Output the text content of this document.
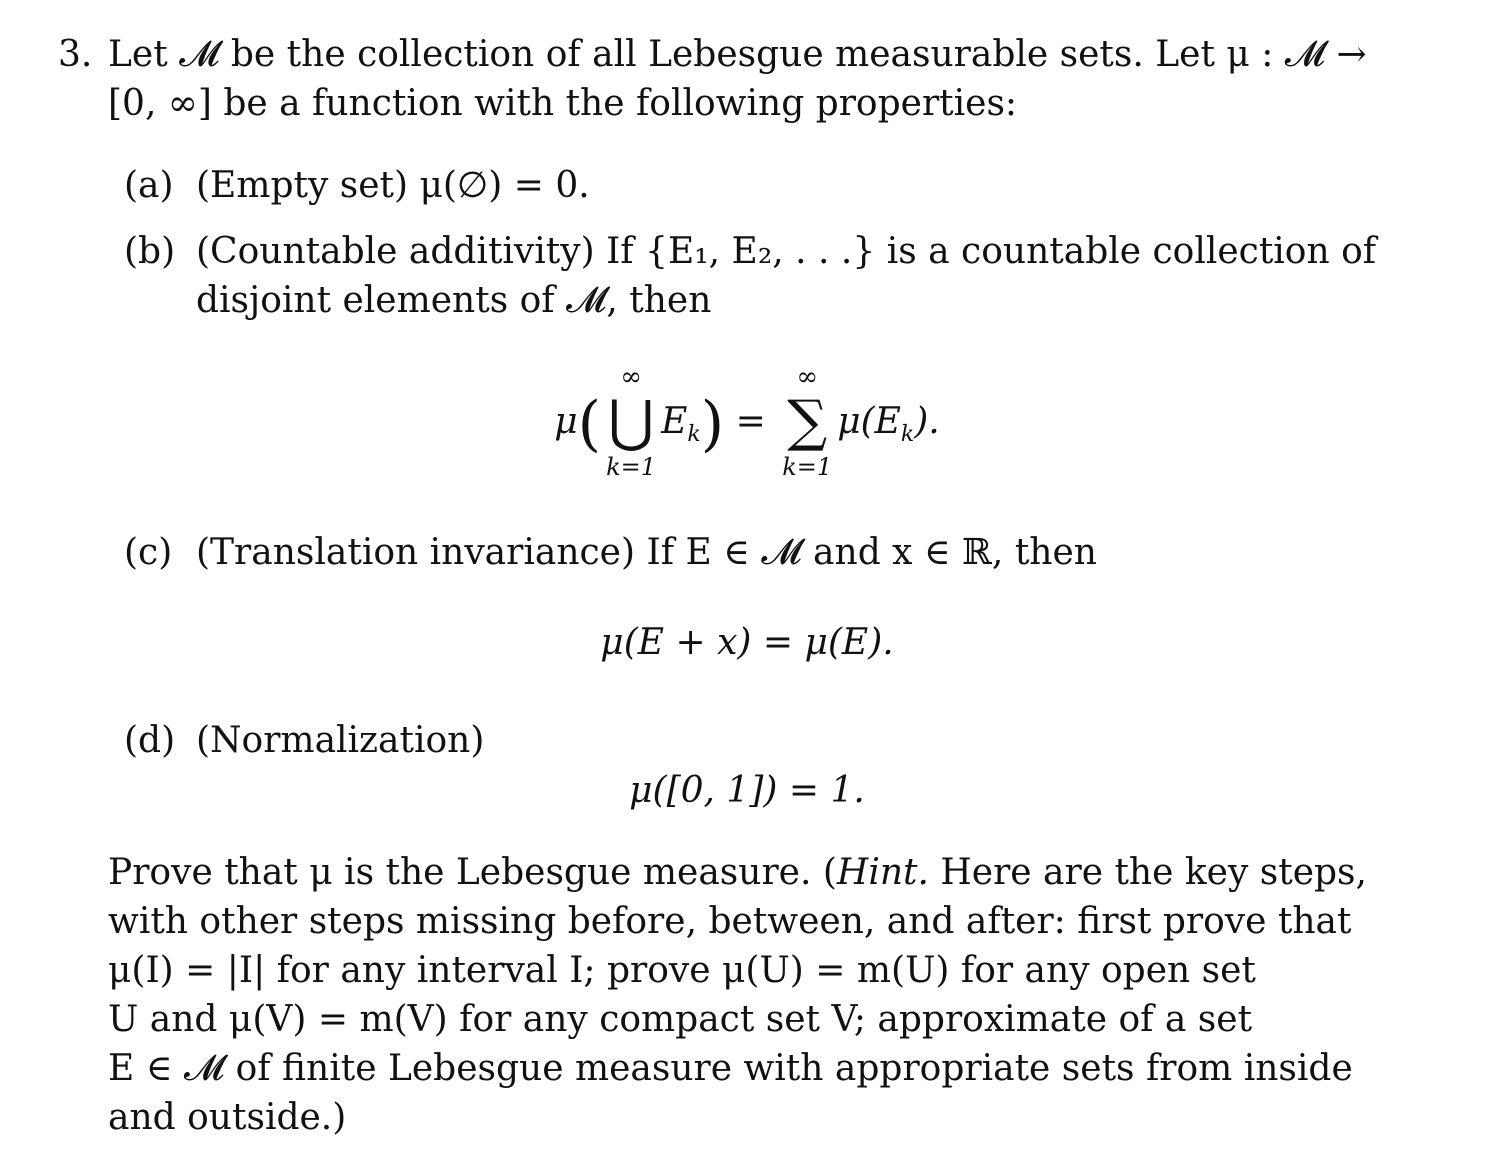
3. Let 𝓜 be the collection of all Lebesgue measurable sets. Let μ : 𝓜 →
[0, ∞] be a function with the following properties:
(a) (Empty set) μ(∅) = 0.
(b) (Countable additivity) If {E₁, E₂, . . .} is a countable collection of
disjoint elements of 𝓜, then
μ(
∞
⋃
k=1
$E_k$) =
∞
∑
k=1
$\mu(E_k)$.
(c) (Translation invariance) If E ∈ 𝓜 and x ∈ ℝ, then
μ(E + x) = μ(E).
(d) (Normalization)
μ([0, 1]) = 1.
Prove that μ is the Lebesgue measure. (Hint. Here are the key steps,
with other steps missing before, between, and after: first prove that
μ(I) = |I| for any interval I; prove μ(U) = m(U) for any open set
U and μ(V) = m(V) for any compact set V; approximate of a set
E ∈ 𝓜 of finite Lebesgue measure with appropriate sets from inside
and outside.)
